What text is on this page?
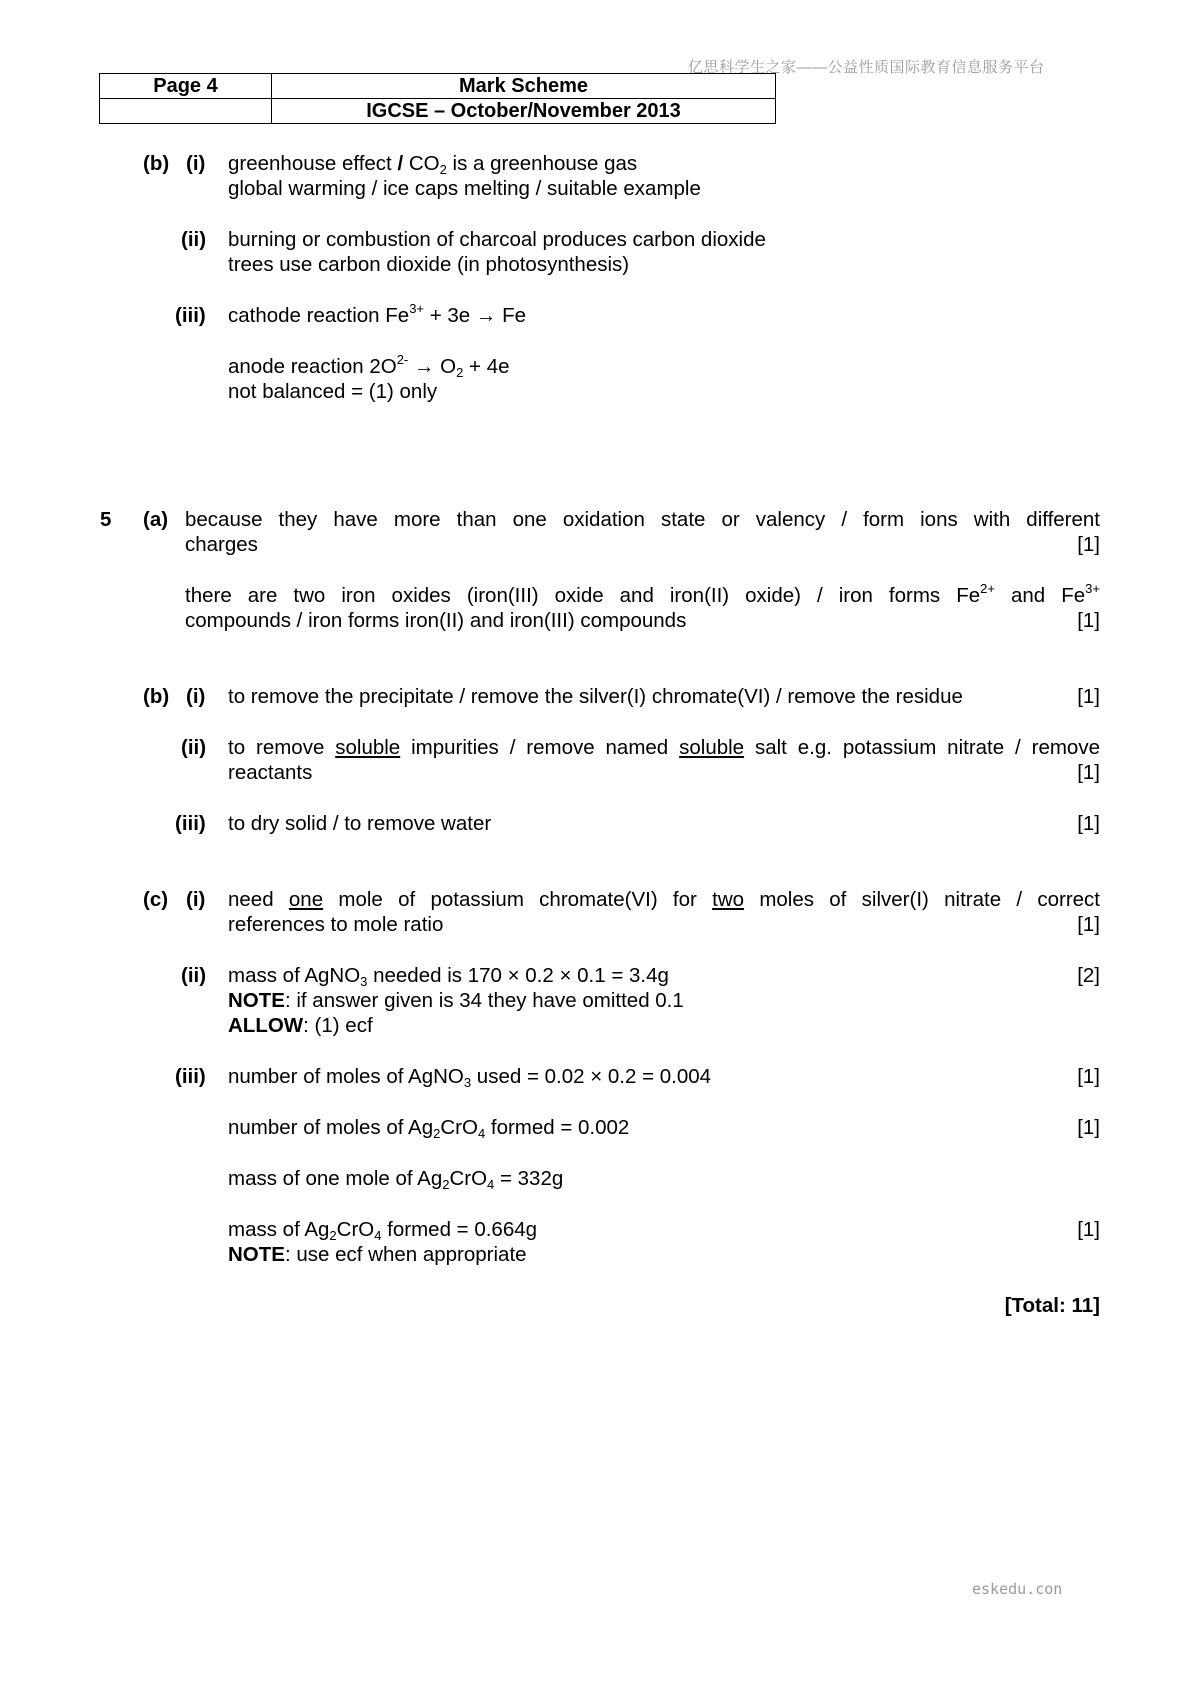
亿思科学生之家——公益性质国际教育信息服务平台
Page 4	Mark Scheme
	IGCSE – October/November 2013
(b) (i) greenhouse effect / $CO_2$ is a greenhouse gas
global warming / ice caps melting / suitable example
(ii) burning or combustion of charcoal produces carbon dioxide
trees use carbon dioxide (in photosynthesis)
(iii) cathode reaction $Fe^{3+} + 3e \to Fe$
anode reaction $2O^{2-} \to O_2 + 4e$
not balanced = (1) only
5 (a) because they have more than one oxidation state or valency / form ions with different
charges	[1]
there are two iron oxides (iron(III) oxide and iron(II) oxide) / iron forms $Fe^{2+}$ and $Fe^{3+}$
compounds / iron forms iron(II) and iron(III) compounds	[1]
(b) (i) to remove the precipitate / remove the silver(I) chromate(VI) / remove the residue	[1]
(ii) to remove soluble impurities / remove named soluble salt e.g. potassium nitrate / remove
reactants	[1]
(iii) to dry solid / to remove water	[1]
(c) (i) need one mole of potassium chromate(VI) for two moles of silver(I) nitrate / correct
references to mole ratio	[1]
(ii) mass of AgNO$_3$ needed is 170 × 0.2 × 0.1 = 3.4g	[2]
NOTE: if answer given is 34 they have omitted 0.1
ALLOW: (1) ecf
(iii) number of moles of AgNO$_3$ used = 0.02 × 0.2 = 0.004	[1]
number of moles of $Ag_2CrO_4$ formed = 0.002	[1]
mass of one mole of $Ag_2CrO_4 = 332g$
mass of $Ag_2CrO_4$ formed = 0.664g	[1]
NOTE: use ecf when appropriate
[Total: 11]
eskedu.con
